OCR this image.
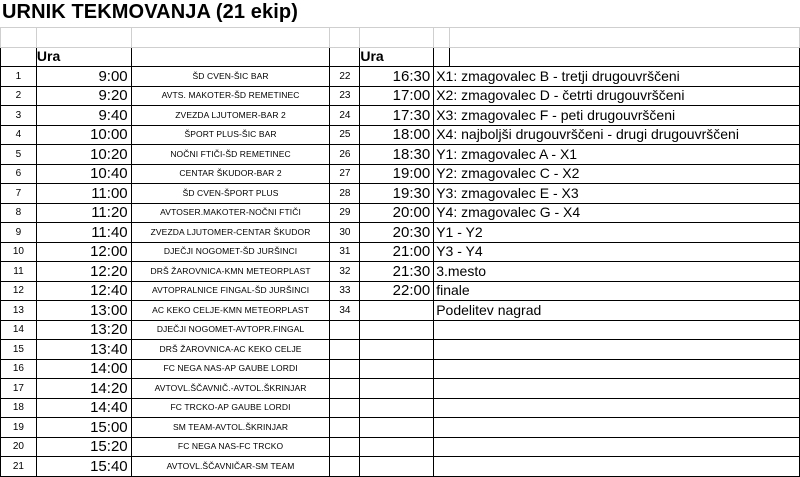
URNIK TEKMOVANJA (21 ekip)

	Ura			Ura		
1	9:00	ŠD CVEN-ŠIC BAR	22	16:30	X1: zmagovalec B - tretji drugouvrščeni	
2	9:20	AVTS. MAKOTER-ŠD REMETINEC	23	17:00	X2: zmagovalec D - četrti drugouvrščeni	
3	9:40	ZVEZDA LJUTOMER-BAR 2	24	17:30	X3: zmagovalec F - peti drugouvrščeni	
4	10:00	ŠPORT PLUS-ŠIC BAR	25	18:00	X4: najboljši drugouvrščeni - drugi drugouvrščeni	
5	10:20	NOČNI FTIČI-ŠD REMETINEC	26	18:30	Y1: zmagovalec A - X1	
6	10:40	CENTAR ŠKUDOR-BAR 2	27	19:00	Y2: zmagovalec C - X2	
7	11:00	ŠD CVEN-ŠPORT PLUS	28	19:30	Y3: zmagovalec E - X3	
8	11:20	AVTOSER.MAKOTER-NOČNI FTIČI	29	20:00	Y4: zmagovalec G - X4	
9	11:40	ZVEZDA LJUTOMER-CENTAR ŠKUDOR	30	20:30	Y1 - Y2	
10	12:00	DJEČJI NOGOMET-ŠD JURŠINCI	31	21:00	Y3 - Y4	
11	12:20	DRŠ ŽAROVNICA-KMN METEORPLAST	32	21:30	3.mesto	
12	12:40	AVTOPRALNICE FINGAL-ŠD JURŠINCI	33	22:00	finale	
13	13:00	AC KEKO CELJE-KMN METEORPLAST	34		Podelitev nagrad	
14	13:20	DJEČJI NOGOMET-AVTOPR.FINGAL				
15	13:40	DRŠ ŽAROVNICA-AC KEKO CELJE				
16	14:00	FC NEGA NAS-AP GAUBE LORDI				
17	14:20	AVTOVL.ŠČAVNIČ.-AVTOL.ŠKRINJAR				
18	14:40	FC TRCKO-AP GAUBE LORDI				
19	15:00	SM TEAM-AVTOL.ŠKRINJAR				
20	15:20	FC NEGA NAS-FC TRCKO				
21	15:40	AVTOVL.ŠČAVNIČAR-SM TEAM				
